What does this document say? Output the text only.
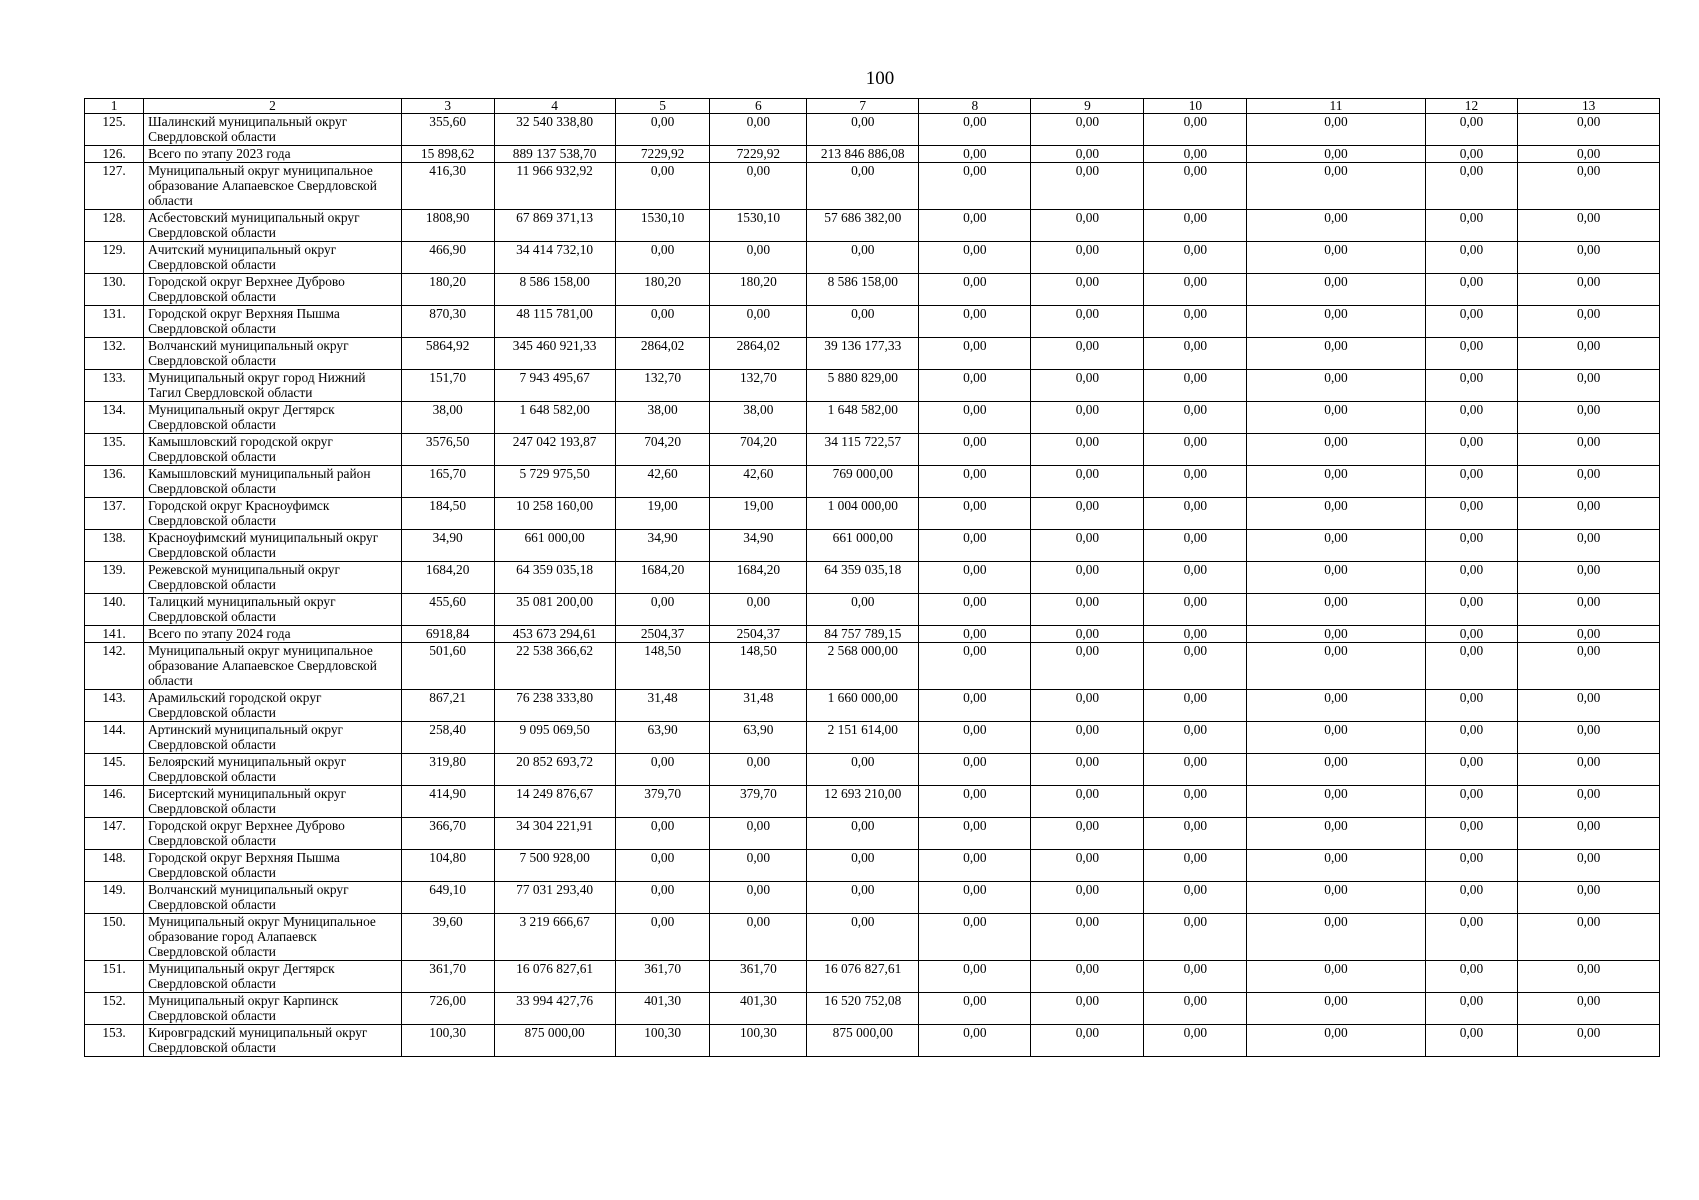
100
1	2	3	4	5	6	7	8	9	10	11	12	13
125.	Шалинский муниципальный округ Свердловской области	355,60	32 540 338,80	0,00	0,00	0,00	0,00	0,00	0,00	0,00	0,00	0,00
126.	Всего по этапу 2023 года	15 898,62	889 137 538,70	7229,92	7229,92	213 846 886,08	0,00	0,00	0,00	0,00	0,00	0,00
127.	Муниципальный округ муниципальное образование Алапаевское Свердловской области	416,30	11 966 932,92	0,00	0,00	0,00	0,00	0,00	0,00	0,00	0,00	0,00
128.	Асбестовский муниципальный округ Свердловской области	1808,90	67 869 371,13	1530,10	1530,10	57 686 382,00	0,00	0,00	0,00	0,00	0,00	0,00
129.	Ачитский муниципальный округ Свердловской области	466,90	34 414 732,10	0,00	0,00	0,00	0,00	0,00	0,00	0,00	0,00	0,00
130.	Городской округ Верхнее Дуброво Свердловской области	180,20	8 586 158,00	180,20	180,20	8 586 158,00	0,00	0,00	0,00	0,00	0,00	0,00
131.	Городской округ Верхняя Пышма Свердловской области	870,30	48 115 781,00	0,00	0,00	0,00	0,00	0,00	0,00	0,00	0,00	0,00
132.	Волчанский муниципальный округ Свердловской области	5864,92	345 460 921,33	2864,02	2864,02	39 136 177,33	0,00	0,00	0,00	0,00	0,00	0,00
133.	Муниципальный округ город Нижний Тагил Свердловской области	151,70	7 943 495,67	132,70	132,70	5 880 829,00	0,00	0,00	0,00	0,00	0,00	0,00
134.	Муниципальный округ Дегтярск Свердловской области	38,00	1 648 582,00	38,00	38,00	1 648 582,00	0,00	0,00	0,00	0,00	0,00	0,00
135.	Камышловский городской округ Свердловской области	3576,50	247 042 193,87	704,20	704,20	34 115 722,57	0,00	0,00	0,00	0,00	0,00	0,00
136.	Камышловский муниципальный район Свердловской области	165,70	5 729 975,50	42,60	42,60	769 000,00	0,00	0,00	0,00	0,00	0,00	0,00
137.	Городской округ Красноуфимск Свердловской области	184,50	10 258 160,00	19,00	19,00	1 004 000,00	0,00	0,00	0,00	0,00	0,00	0,00
138.	Красноуфимский муниципальный округ Свердловской области	34,90	661 000,00	34,90	34,90	661 000,00	0,00	0,00	0,00	0,00	0,00	0,00
139.	Режевской муниципальный округ Свердловской области	1684,20	64 359 035,18	1684,20	1684,20	64 359 035,18	0,00	0,00	0,00	0,00	0,00	0,00
140.	Талицкий муниципальный округ Свердловской области	455,60	35 081 200,00	0,00	0,00	0,00	0,00	0,00	0,00	0,00	0,00	0,00
141.	Всего по этапу 2024 года	6918,84	453 673 294,61	2504,37	2504,37	84 757 789,15	0,00	0,00	0,00	0,00	0,00	0,00
142.	Муниципальный округ муниципальное образование Алапаевское Свердловской области	501,60	22 538 366,62	148,50	148,50	2 568 000,00	0,00	0,00	0,00	0,00	0,00	0,00
143.	Арамильский городской округ Свердловской области	867,21	76 238 333,80	31,48	31,48	1 660 000,00	0,00	0,00	0,00	0,00	0,00	0,00
144.	Артинский муниципальный округ Свердловской области	258,40	9 095 069,50	63,90	63,90	2 151 614,00	0,00	0,00	0,00	0,00	0,00	0,00
145.	Белоярский муниципальный округ Свердловской области	319,80	20 852 693,72	0,00	0,00	0,00	0,00	0,00	0,00	0,00	0,00	0,00
146.	Бисертский муниципальный округ Свердловской области	414,90	14 249 876,67	379,70	379,70	12 693 210,00	0,00	0,00	0,00	0,00	0,00	0,00
147.	Городской округ Верхнее Дуброво Свердловской области	366,70	34 304 221,91	0,00	0,00	0,00	0,00	0,00	0,00	0,00	0,00	0,00
148.	Городской округ Верхняя Пышма Свердловской области	104,80	7 500 928,00	0,00	0,00	0,00	0,00	0,00	0,00	0,00	0,00	0,00
149.	Волчанский муниципальный округ Свердловской области	649,10	77 031 293,40	0,00	0,00	0,00	0,00	0,00	0,00	0,00	0,00	0,00
150.	Муниципальный округ Муниципальное образование город Алапаевск Свердловской области	39,60	3 219 666,67	0,00	0,00	0,00	0,00	0,00	0,00	0,00	0,00	0,00
151.	Муниципальный округ Дегтярск Свердловской области	361,70	16 076 827,61	361,70	361,70	16 076 827,61	0,00	0,00	0,00	0,00	0,00	0,00
152.	Муниципальный округ Карпинск Свердловской области	726,00	33 994 427,76	401,30	401,30	16 520 752,08	0,00	0,00	0,00	0,00	0,00	0,00
153.	Кировградский муниципальный округ Свердловской области	100,30	875 000,00	100,30	100,30	875 000,00	0,00	0,00	0,00	0,00	0,00	0,00
